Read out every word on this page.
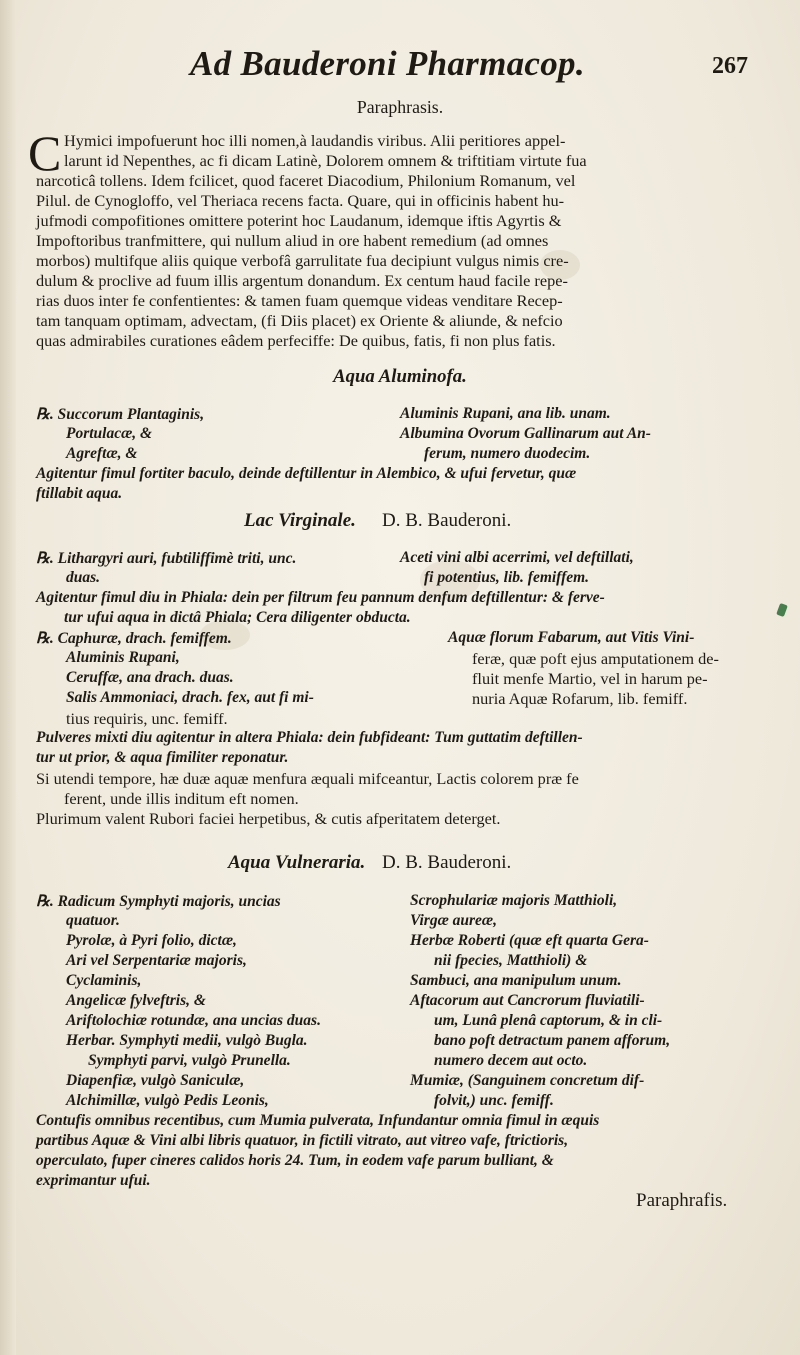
Ad Bauderoni Pharmacop.	267
Paraphrasis.
C Hymici impofuerunt hoc illi nomen,à laudandis viribus. Alii peritiores appel-
larunt id Nepenthes, ac fi dicam Latinè, Dolorem omnem & triftitiam virtute fua
narcoticâ tollens. Idem fcilicet, quod faceret Diacodium, Philonium Romanum, vel
Pilul. de Cynogloffo, vel Theriaca recens facta. Quare, qui in officinis habent hu-
jufmodi compofitiones omittere poterint hoc Laudanum, idemque iftis Agyrtis &
Impoftoribus tranfmittere, qui nullum aliud in ore habent remedium (ad omnes
morbos) multifque aliis quique verbofâ garrulitate fua decipiunt vulgus nimis cre-
dulum & proclive ad fuum illis argentum donandum. Ex centum haud facile repe-
rias duos inter fe confentientes: & tamen fuam quemque videas venditare Recep-
tam tanquam optimam, advectam, (fi Diis placet) ex Oriente & aliunde, & nefcio
quas admirabiles curationes eâdem perfeciffe: De quibus, fatis, fi non plus fatis.
Aqua Aluminofa.
℞. Succorum Plantaginis,
Portulacæ, &
Agreftæ, &
Aluminis Rupani, ana lib. unam.
Albumina Ovorum Gallinarum aut An-
ferum, numero duodecim.
Agitentur fimul fortiter baculo, deinde deftillentur in Alembico, & ufui fervetur, quæ
ftillabit aqua.
Lac Virginale. D. B. Bauderoni.
℞. Lithargyri auri, fubtiliffimè triti, unc.
duas.
Aceti vini albi acerrimi, vel deftillati,
fi potentius, lib. femiffem.
Agitentur fimul diu in Phiala: dein per filtrum feu pannum denfum deftillentur: & ferve-
tur ufui aqua in dictâ Phiala; Cera diligenter obducta.
℞. Caphuræ, drach. femiffem.
Aluminis Rupani,
Ceruffæ, ana drach. duas.
Salis Ammoniaci, drach. fex, aut fi mi-
Aquæ florum Fabarum, aut Vitis Vini-
feræ, quæ poft ejus amputationem de-
fluit menfe Martio, vel in harum pe-
nuria Aquæ Rofarum, lib. femiff.
tius requiris, unc. femiff.
Pulveres mixti diu agitentur in altera Phiala: dein fubfideant: Tum guttatim deftillen-
tur ut prior, & aqua fimiliter reponatur.
Si utendi tempore, hæ duæ aquæ menfura æquali mifceantur, Lactis colorem præ fe
ferent, unde illis inditum eft nomen.
Plurimum valent Rubori faciei herpetibus, & cutis afperitatem deterget.
Aqua Vulneraria. D. B. Bauderoni.
℞. Radicum Symphyti majoris, uncias
quatuor.
Pyrolæ, à Pyri folio, dictæ,
Ari vel Serpentariæ majoris,
Cyclaminis,
Angelicæ fylveftris, &
Ariftolochiæ rotundæ, ana uncias duas.
Herbar. Symphyti medii, vulgò Bugla.
Symphyti parvi, vulgò Prunella.
Diapenfiæ, vulgò Saniculæ,
Alchimillæ, vulgò Pedis Leonis,
Scrophulariæ majoris Matthioli,
Virgæ aureæ,
Herbæ Roberti (quæ eft quarta Gera-
nii fpecies, Matthioli) &
Sambuci, ana manipulum unum.
Aftacorum aut Cancrorum fluviatili-
um, Lunâ plenâ captorum, & in cli-
bano poft detractum panem afforum,
numero decem aut octo.
Mumiæ, (Sanguinem concretum dif-
folvit,) unc. femiff.
Contufis omnibus recentibus, cum Mumia pulverata, Infundantur omnia fimul in æquis
partibus Aquæ & Vini albi libris quatuor, in fictili vitrato, aut vitreo vafe, ftrictioris,
operculato, fuper cineres calidos horis 24. Tum, in eodem vafe parum bulliant, &
exprimantur ufui.
Paraphrafis.
